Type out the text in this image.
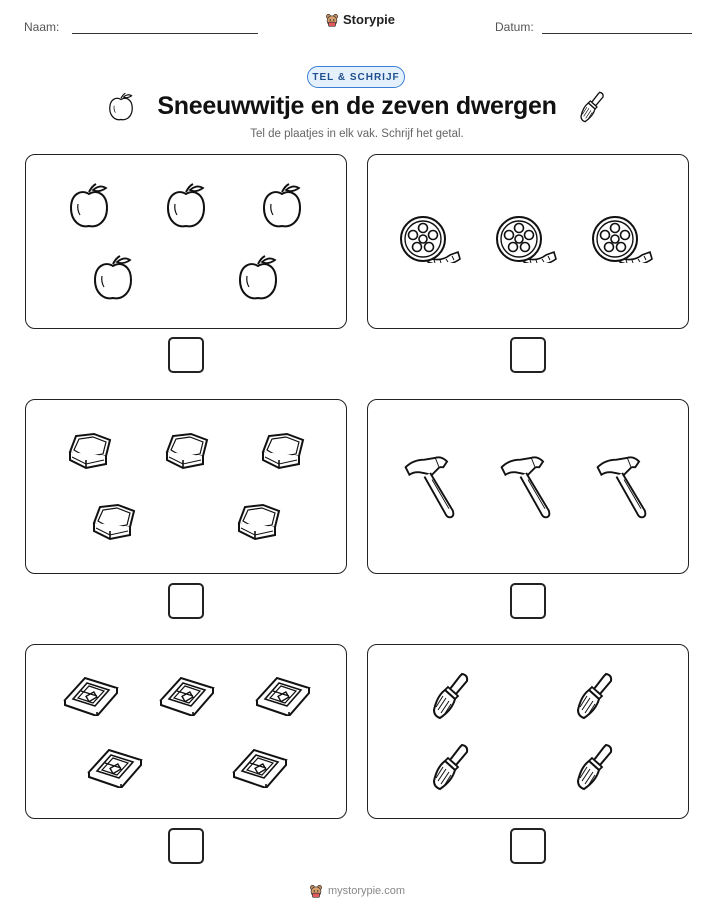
Naam:	Storypie	Datum:
TEL & SCHRIJF
Sneeuwwitje en de zeven dwergen
Tel de plaatjes in elk vak. Schrijf het getal.
mystorypie.com
